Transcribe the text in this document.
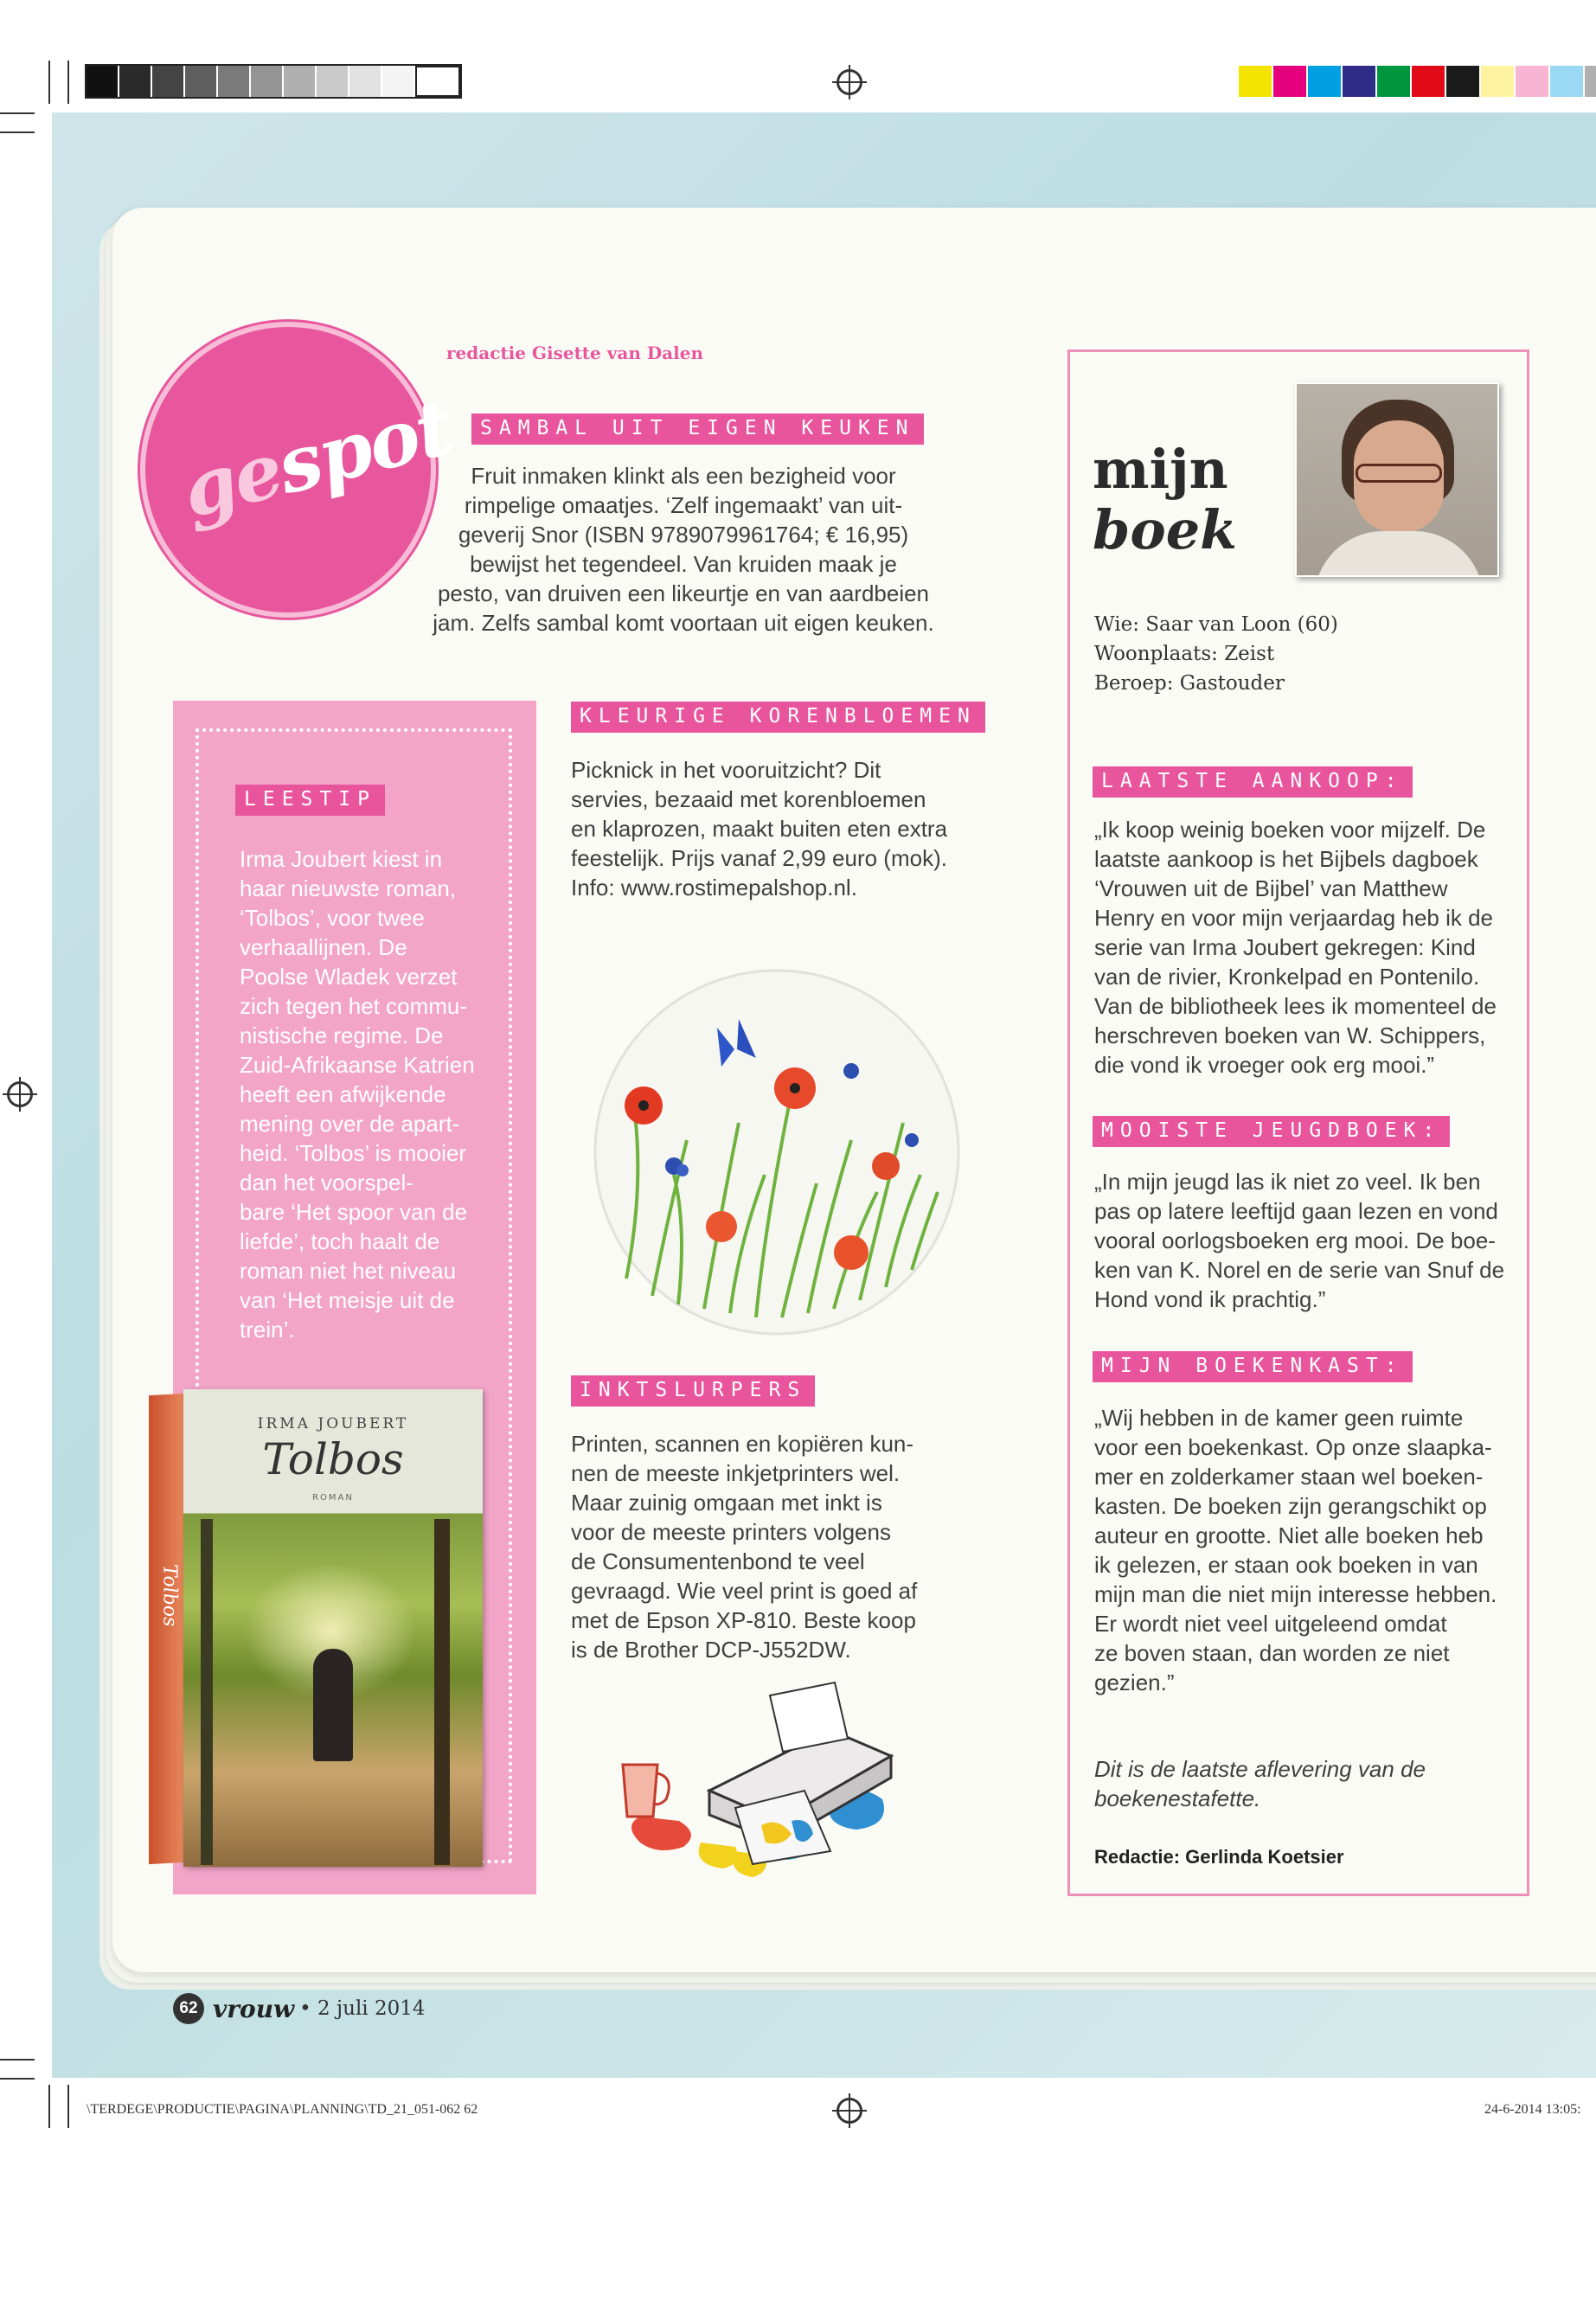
gespot
redactie Gisette van Dalen
SAMBAL UIT EIGEN KEUKEN
Fruit inmaken klinkt als een bezigheid voor
rimpelige omaatjes. ‘Zelf ingemaakt’ van uit-
geverij Snor (ISBN 9789079961764; € 16,95)
bewijst het tegendeel. Van kruiden maak je
pesto, van druiven een likeurtje en van aardbeien
jam. Zelfs sambal komt voortaan uit eigen keuken.
LEESTIP
Irma Joubert kiest in
haar nieuwste roman,
‘Tolbos’, voor twee
verhaallijnen. De
Poolse Wladek verzet
zich tegen het commu-
nistische regime. De
Zuid-Afrikaanse Katrien
heeft een afwijkende
mening over de apart-
heid. ‘Tolbos’ is mooier
dan het voorspel-
bare ‘Het spoor van de
liefde’, toch haalt de
roman niet het niveau
van ‘Het meisje uit de
trein’.
Tolbos
IRMA JOUBERT
Tolbos
ROMAN
KLEURIGE KORENBLOEMEN
Picknick in het vooruitzicht? Dit
servies, bezaaid met korenbloemen
en klaprozen, maakt buiten eten extra
feestelijk. Prijs vanaf 2,99 euro (mok).
Info: www.rostimepalshop.nl.
INKTSLURPERS
Printen, scannen en kopiëren kun-
nen de meeste inkjetprinters wel.
Maar zuinig omgaan met inkt is
voor de meeste printers volgens
de Consumentenbond te veel
gevraagd. Wie veel print is goed af
met de Epson XP-810. Beste koop
is de Brother DCP-J552DW.
mijn
boek
Wie: Saar van Loon (60)
Woonplaats: Zeist
Beroep: Gastouder
LAATSTE AANKOOP:
„Ik koop weinig boeken voor mijzelf. De
laatste aankoop is het Bijbels dagboek
‘Vrouwen uit de Bijbel’ van Matthew
Henry en voor mijn verjaardag heb ik de
serie van Irma Joubert gekregen: Kind
van de rivier, Kronkelpad en Pontenilo.
Van de bibliotheek lees ik momenteel de
herschreven boeken van W. Schippers,
die vond ik vroeger ook erg mooi.”
MOOISTE JEUGDBOEK:
„In mijn jeugd las ik niet zo veel. Ik ben
pas op latere leeftijd gaan lezen en vond
vooral oorlogsboeken erg mooi. De boe-
ken van K. Norel en de serie van Snuf de
Hond vond ik prachtig.”
MIJN BOEKENKAST:
„Wij hebben in de kamer geen ruimte
voor een boekenkast. Op onze slaapka-
mer en zolderkamer staan wel boeken-
kasten. De boeken zijn gerangschikt op
auteur en grootte. Niet alle boeken heb
ik gelezen, er staan ook boeken in van
mijn man die niet mijn interesse hebben.
Er wordt niet veel uitgeleend omdat
ze boven staan, dan worden ze niet
gezien.”
Dit is de laatste aflevering van de
boekenestafette.
Redactie: Gerlinda Koetsier
62 vrouw • 2 juli 2014
\TERDEGE\PRODUCTIE\PAGINA\PLANNING\TD_21_051-062 62	24-6-2014 13:05:
